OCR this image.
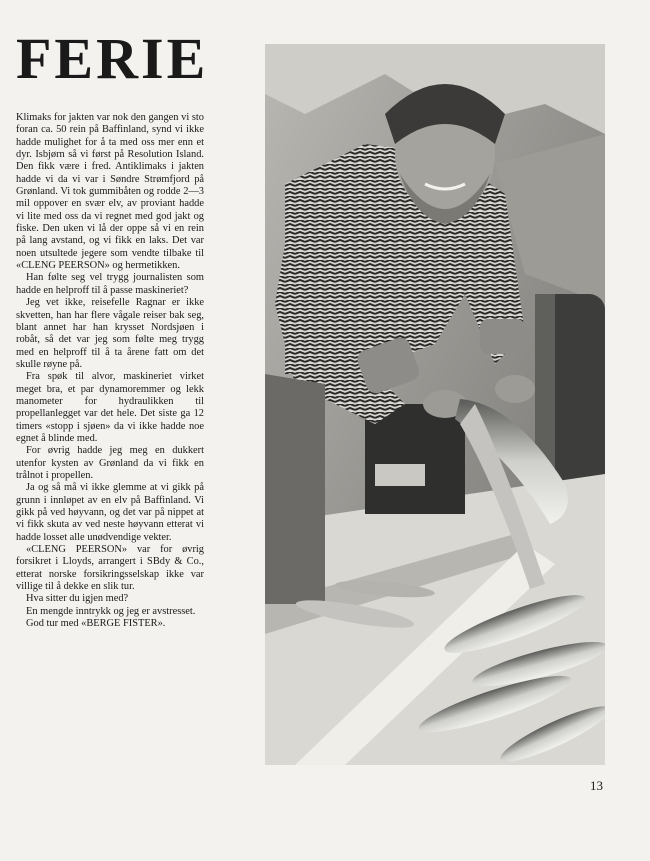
FERIE

Klimaks for jakten var nok den gangen vi sto foran ca. 50 rein på Baffinland, synd vi ikke hadde mulighet for å ta med oss mer enn et dyr. Isbjørn så vi først på Resolution Island. Den fikk være i fred. Antiklimaks i jakten hadde vi da vi var i Søndre Strømfjord på Grønland. Vi tok gummibåten og rodde 2—3 mil oppover en svær elv, av proviant hadde vi lite med oss da vi regnet med god jakt og fiske. Den uken vi lå der oppe så vi en rein på lang avstand, og vi fikk en laks. Det var noen utsultede jegere som vendte tilbake til «CLENG PEERSON» og hermetikken.

Han følte seg vel trygg journalisten som hadde en helproff til å passe maskineriet?

Jeg vet ikke, reisefelle Ragnar er ikke skvetten, han har flere vågale reiser bak seg, blant annet har han krysset Nordsjøen i robåt, så det var jeg som følte meg trygg med en helproff til å ta årene fatt om det skulle røyne på.

Fra spøk til alvor, maskineriet virket meget bra, et par dynamoremmer og lekk manometer for hydraulikken til propellanlegget var det hele. Det siste ga 12 timers «stopp i sjøen» da vi ikke hadde noe egnet å blinde med.

For øvrig hadde jeg meg en dukkert utenfor kysten av Grønland da vi fikk en trålnot i propellen.

Ja og så må vi ikke glemme at vi gikk på grunn i innløpet av en elv på Baffinland. Vi gikk på ved høyvann, og det var på nippet at vi fikk skuta av ved neste høyvann etterat vi hadde losset alle unødvendige vekter.

«CLENG PEERSON» var for øvrig forsikret i Lloyds, arrangert i SBdy & Co., etterat norske forsikringsselskap ikke var villige til å dekke en slik tur.

Hva sitter du igjen med?

En mengde inntrykk og jeg er avstresset.

God tur med «BERGE FISTER».

13
